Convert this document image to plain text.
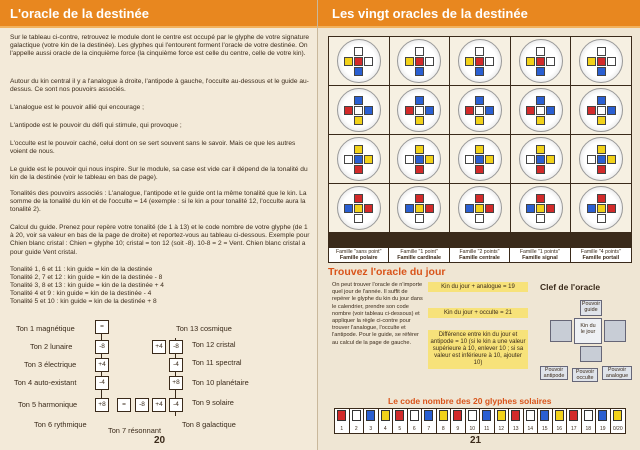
L'oracle de la destinée
Sur le tableau ci-contre, retrouvez le module dont le centre est occupé par le glyphe de votre signature galactique (votre kin de la destinée). Les glyphes qui l'entourent forment l'oracle de votre destinée. On l'appelle aussi oracle de la cinquième force (la cinquième force est celle du centre, celle de votre kin).
Autour du kin central il y a l'analogue à droite, l'antipode à gauche, l'occulte au-dessous et le guide au-dessus. Ce sont nos pouvoirs associés.
L'analogue est le pouvoir allié qui encourage ;
L'antipode est le pouvoir du défi qui stimule, qui provoque ;
L'occulte est le pouvoir caché, celui dont on se sert souvent sans le savoir. Mais ce que les autres voient de nous.
Le guide est le pouvoir qui nous inspire. Sur le module, sa case est vide car il dépend de la tonalité du kin de la destinée (voir le tableau en bas de page).
Tonalités des pouvoirs associés : L'analogue, l'antipode et le guide ont la même tonalité que le kin. La somme de la tonalité du kin et de l'occulte = 14 (exemple : si le kin a pour tonalité 12, l'occulte aura la tonalité 2).
Calcul du guide. Prenez pour repère votre tonalité (de 1 à 13) et le code nombre de votre glyphe (de 1 à 20, voir sa valeur en bas de la page de droite) et reportez-vous au tableau ci-dessous. Exemple pour Chien blanc cristal : Chien = glyphe 10; cristal = ton 12 (soit -8). 10-8 = 2 = Vent. Chien blanc cristal a pour guide Vent cristal.
Tonalité 1, 6 et 11 : kin guide = kin de la destinée
Tonalité 2, 7 et 12 : kin guide = kin de la destinée - 8
Tonalité 3, 8 et 13 : kin guide = kin de la destinée + 4
Tonalité 4 et 9 : kin guide = kin de la destinée - 4
Tonalité 5 et 10 : kin guide = kin de la destinée + 8
Ton 1 magnétique	=
Ton 2 lunaire	-8
Ton 3 électrique	+4
Ton 4 auto-existant	-4
Ton 5 harmonique	+8	=	-8	+4	-4
Ton 6 rythmique
Ton 7 résonnant
Ton 8 galactique
Ton 13 cosmique
+4	-8	Ton 12 cristal
-4	Ton 11 spectral
+8	Ton 10 planétaire
Ton 9 solaire
20
Les vingt oracles de la destinée
Famille "sans point"
Famille polaire
Famille "1 point"
Famille cardinale
Famille "2 points"
Famille centrale
Famille "1 points"
Famille signal
Famille "4 points"
Famille portail
Trouvez l'oracle du jour
On peut trouver l'oracle de n'importe quel jour de l'année. Il suffit de repérer le glyphe du kin du jour dans le calendrier, prendre son code nombre (voir tableau ci-dessous) et appliquer la règle ci-contre pour trouver l'analogue, l'occulte et l'antipode. Pour le guide, se référer au calcul de la page de gauche.
Kin du jour + analogue = 19
Kin du jour + occulte = 21
Différence entre kin du jour et antipode = 10 (si le kin a une valeur supérieure à 10, enlever 10 ; si sa valeur est inférieure à 10, ajouter 10)
Clef de l'oracle
Pouvoir guide
Kin du
le jour
Pouvoir antipode
Pouvoir occulte
Pouvoir analogue
Le code nombre des 20 glyphes solaires
1 2 3 4 5 6 7 8 9 10 11 12 13 14 15 16 17 18 19 0/20
21
